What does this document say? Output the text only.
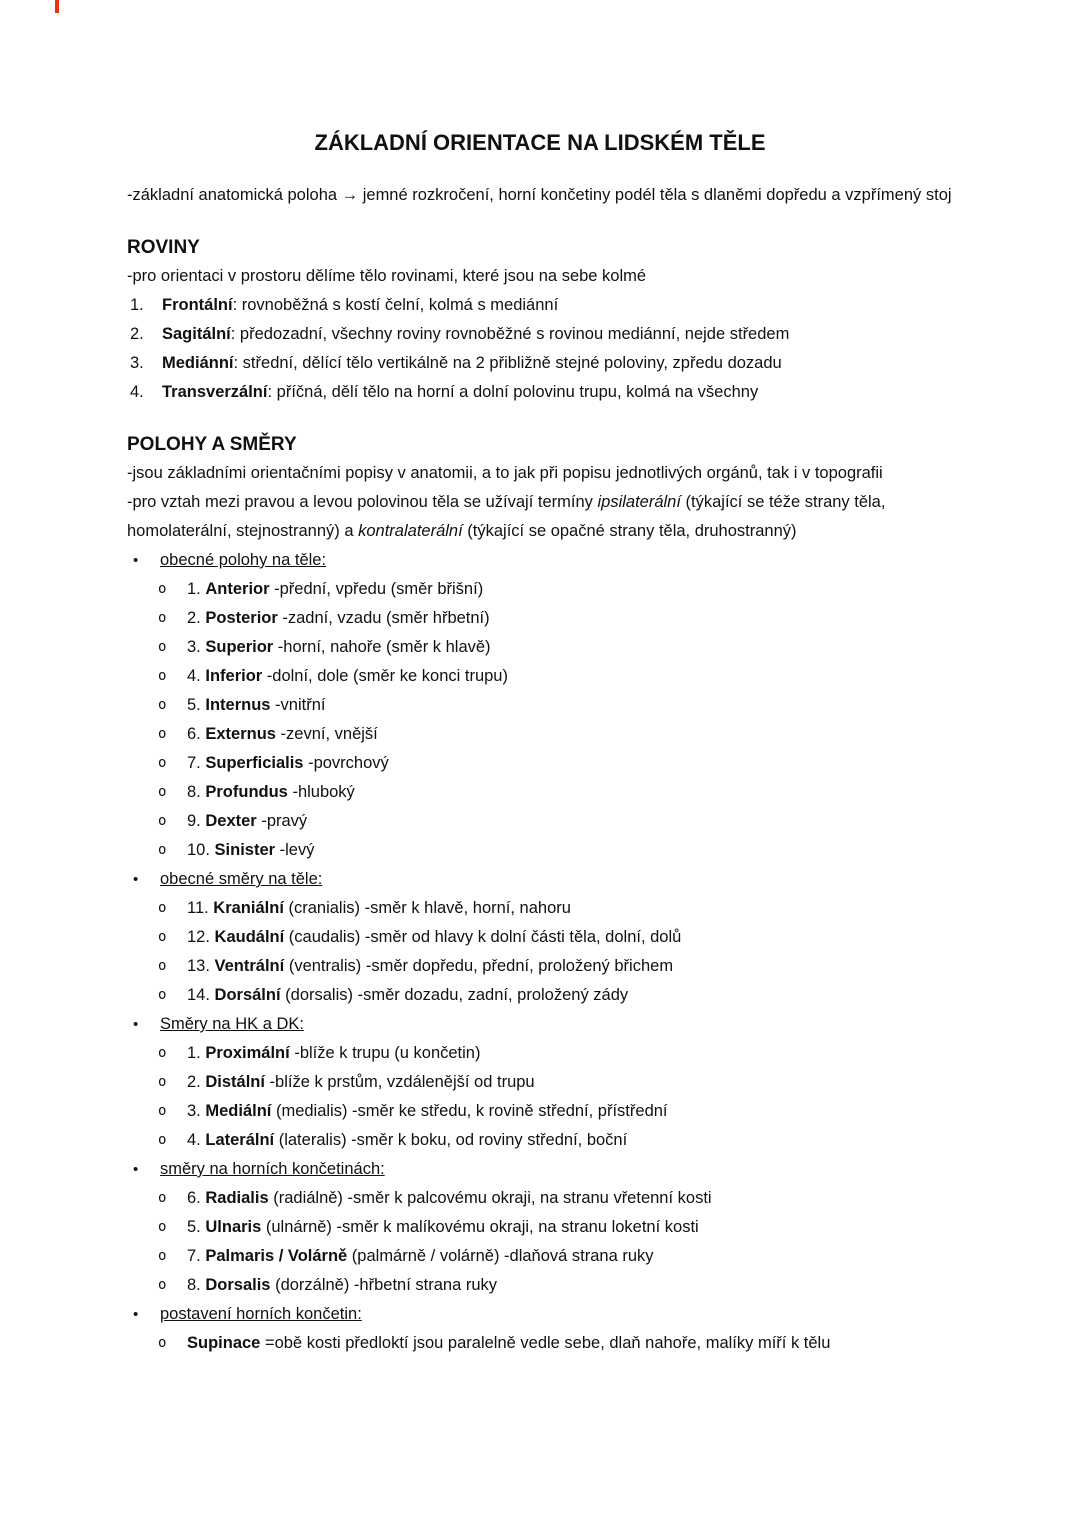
ZÁKLADNÍ ORIENTACE NA LIDSKÉM TĚLE
-základní anatomická poloha → jemné rozkročení, horní končetiny podél těla s dlaněmi dopředu a vzpřímený stoj
ROVINY
-pro orientaci v prostoru dělíme tělo rovinami, které jsou na sebe kolmé
1.	Frontální: rovnoběžná s kostí čelní, kolmá s mediánní
2.	Sagitální: předozadní, všechny roviny rovnoběžné s rovinou mediánní, nejde středem
3.	Mediánní: střední, dělící tělo vertikálně na 2 přibližně stejné poloviny, zpředu dozadu
4.	Transverzální: příčná, dělí tělo na horní a dolní polovinu trupu, kolmá na všechny
POLOHY A SMĚRY
-jsou základními orientačními popisy v anatomii, a to jak při popisu jednotlivých orgánů, tak i v topografii
-pro vztah mezi pravou a levou polovinou těla se užívají termíny ipsilaterální (týkající se téže strany těla, homolaterální, stejnostranný) a kontralaterální (týkající se opačné strany těla, druhostranný)
•	obecné polohy na těle:
o	1. Anterior -přední, vpředu (směr břišní)
o	2. Posterior -zadní, vzadu (směr hřbetní)
o	3. Superior -horní, nahoře (směr k hlavě)
o	4. Inferior -dolní, dole (směr ke konci trupu)
o	5. Internus -vnitřní
o	6. Externus -zevní, vnější
o	7. Superficialis -povrchový
o	8. Profundus -hluboký
o	9. Dexter -pravý
o	10. Sinister -levý
•	obecné směry na těle:
o	11. Kraniální (cranialis) -směr k hlavě, horní, nahoru
o	12. Kaudální (caudalis) -směr od hlavy k dolní části těla, dolní, dolů
o	13. Ventrální (ventralis) -směr dopředu, přední, proložený břichem
o	14. Dorsální (dorsalis) -směr dozadu, zadní, proložený zády
•	Směry na HK a DK:
o	1. Proximální -blíže k trupu (u končetin)
o	2. Distální -blíže k prstům, vzdálenější od trupu
o	3. Mediální (medialis) -směr ke středu, k rovině střední, přístřední
o	4. Laterální (lateralis) -směr k boku, od roviny střední, boční
•	směry na horních končetinách:
o	6. Radialis (radiálně) -směr k palcovému okraji, na stranu vřetenní kosti
o	5. Ulnaris (ulnárně) -směr k malíkovému okraji, na stranu loketní kosti
o	7. Palmaris / Volárně (palmárně / volárně) -dlaňová strana ruky
o	8. Dorsalis (dorzálně) -hřbetní strana ruky
•	postavení horních končetin:
o	Supinace =obě kosti předloktí jsou paralelně vedle sebe, dlaň nahoře, malíky míří k tělu
